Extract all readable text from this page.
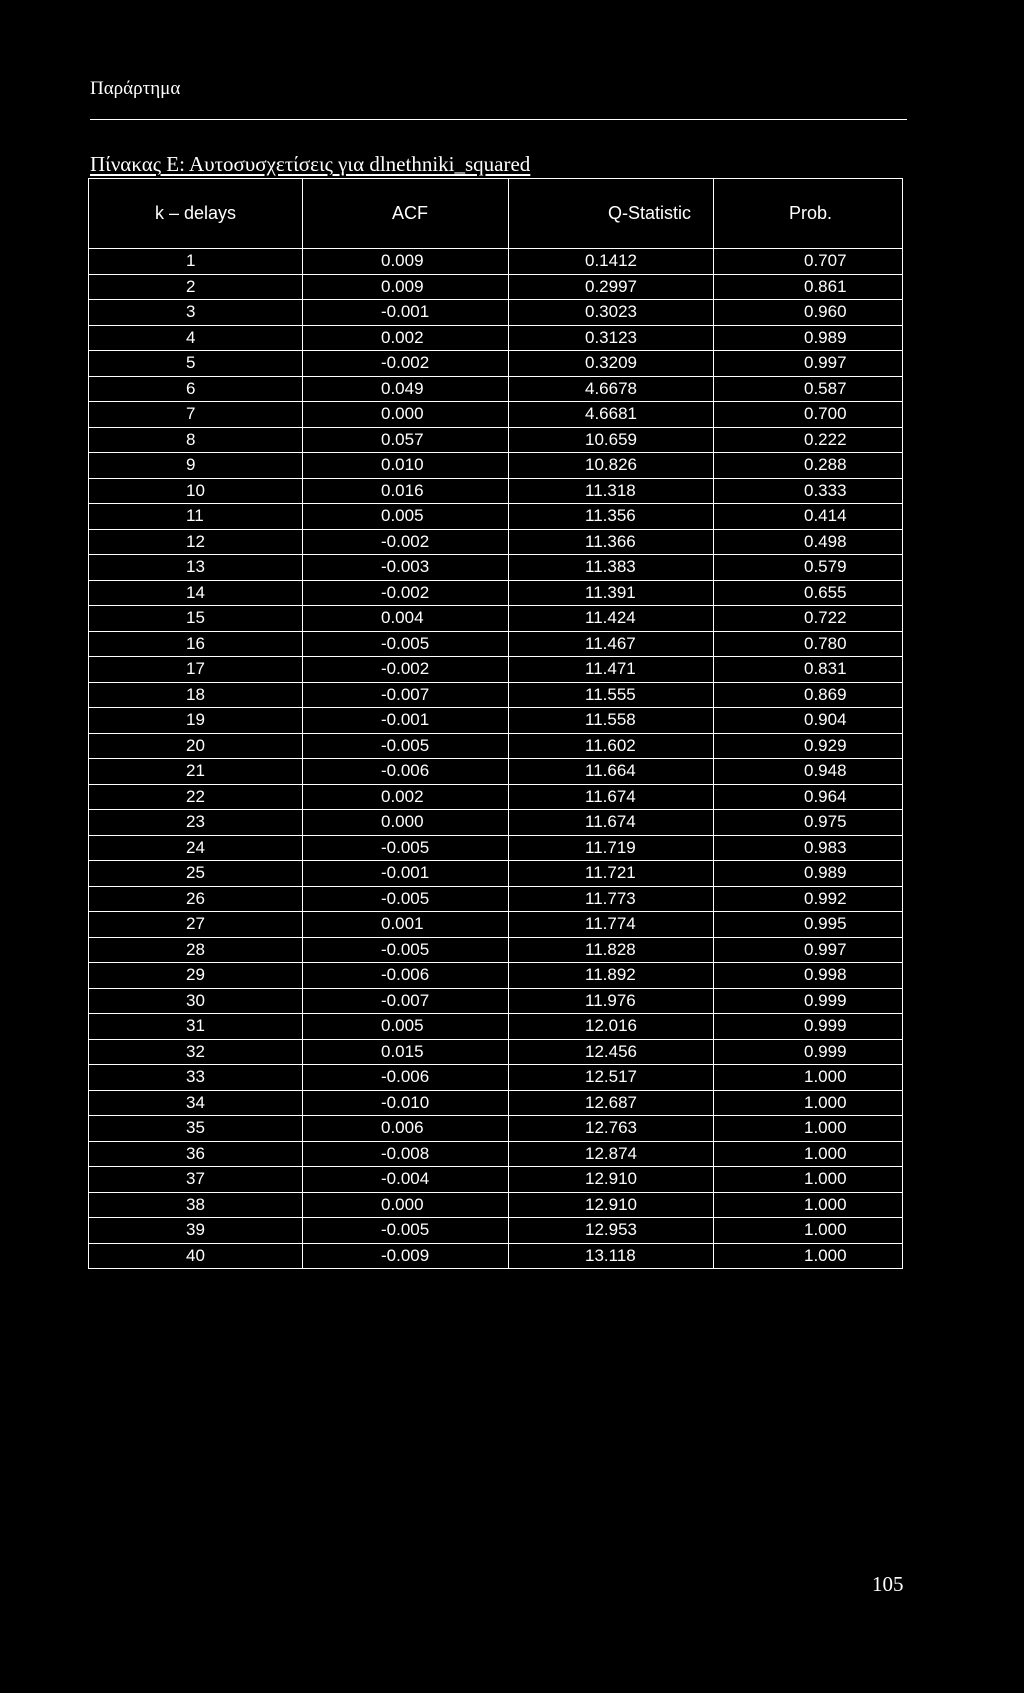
Παράρτημα
Πίνακας Ε: Αυτοσυσχετίσεις για dlnethniki_squared
k – delays	ACF	Q-Statistic	Prob.
1	0.009	0.1412	0.707
2	0.009	0.2997	0.861
3	-0.001	0.3023	0.960
4	0.002	0.3123	0.989
5	-0.002	0.3209	0.997
6	0.049	4.6678	0.587
7	0.000	4.6681	0.700
8	0.057	10.659	0.222
9	0.010	10.826	0.288
10	0.016	11.318	0.333
11	0.005	11.356	0.414
12	-0.002	11.366	0.498
13	-0.003	11.383	0.579
14	-0.002	11.391	0.655
15	0.004	11.424	0.722
16	-0.005	11.467	0.780
17	-0.002	11.471	0.831
18	-0.007	11.555	0.869
19	-0.001	11.558	0.904
20	-0.005	11.602	0.929
21	-0.006	11.664	0.948
22	0.002	11.674	0.964
23	0.000	11.674	0.975
24	-0.005	11.719	0.983
25	-0.001	11.721	0.989
26	-0.005	11.773	0.992
27	0.001	11.774	0.995
28	-0.005	11.828	0.997
29	-0.006	11.892	0.998
30	-0.007	11.976	0.999
31	0.005	12.016	0.999
32	0.015	12.456	0.999
33	-0.006	12.517	1.000
34	-0.010	12.687	1.000
35	0.006	12.763	1.000
36	-0.008	12.874	1.000
37	-0.004	12.910	1.000
38	0.000	12.910	1.000
39	-0.005	12.953	1.000
40	-0.009	13.118	1.000
105
